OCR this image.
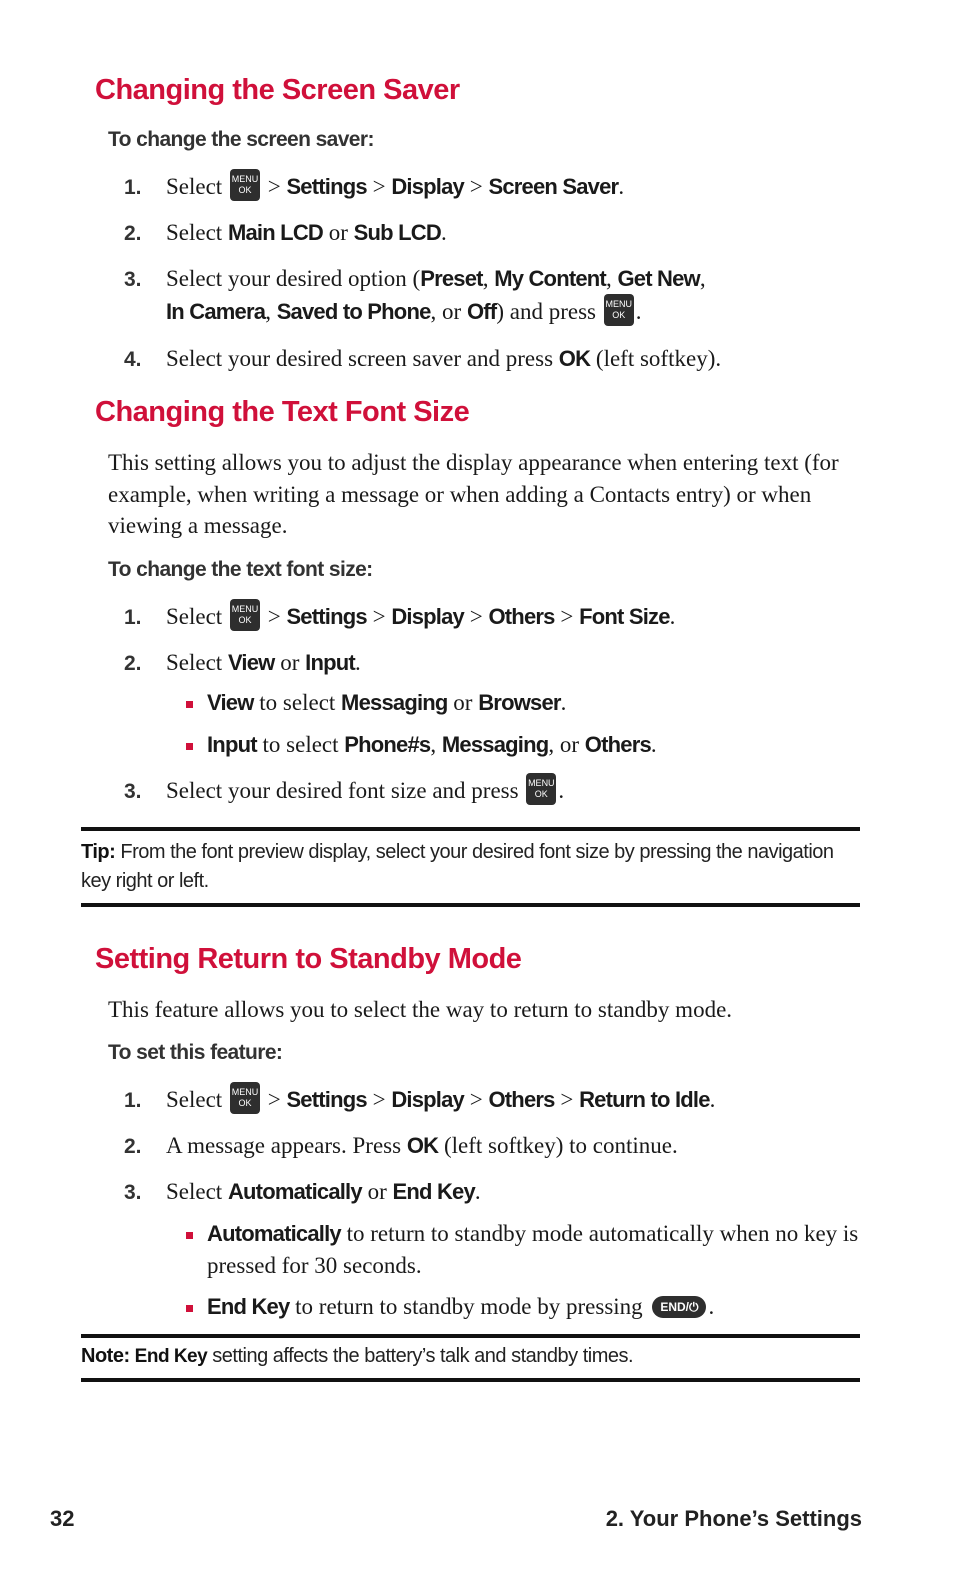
Changing the Screen Saver
To change the screen saver:
1. Select MENU
OK > Settings > Display > Screen Saver.
2. Select Main LCD or Sub LCD.
3. Select your desired option (Preset, My Content, Get New,
In Camera, Saved to Phone, or Off) and press MENU
OK .
4. Select your desired screen saver and press OK (left softkey).
Changing the Text Font Size
This setting allows you to adjust the display appearance when entering text (for example, when writing a message or when adding a Contacts entry) or when viewing a message.
To change the text font size:
1. Select MENU
OK > Settings > Display > Others > Font Size.
2. Select View or Input.
View to select Messaging or Browser.
Input to select Phone#s, Messaging, or Others.
3. Select your desired font size and press MENU
OK .
Tip: From the font preview display, select your desired font size by pressing the navigation key right or left.
Setting Return to Standby Mode
This feature allows you to select the way to return to standby mode.
To set this feature:
1. Select MENU
OK > Settings > Display > Others > Return to Idle.
2. A message appears. Press OK (left softkey) to continue.
3. Select Automatically or End Key.
Automatically to return to standby mode automatically when no key is pressed for 30 seconds.
End Key to return to standby mode by pressing END/⏻ .
Note: End Key setting affects the battery’s talk and standby times.
32	2. Your Phone’s Settings
